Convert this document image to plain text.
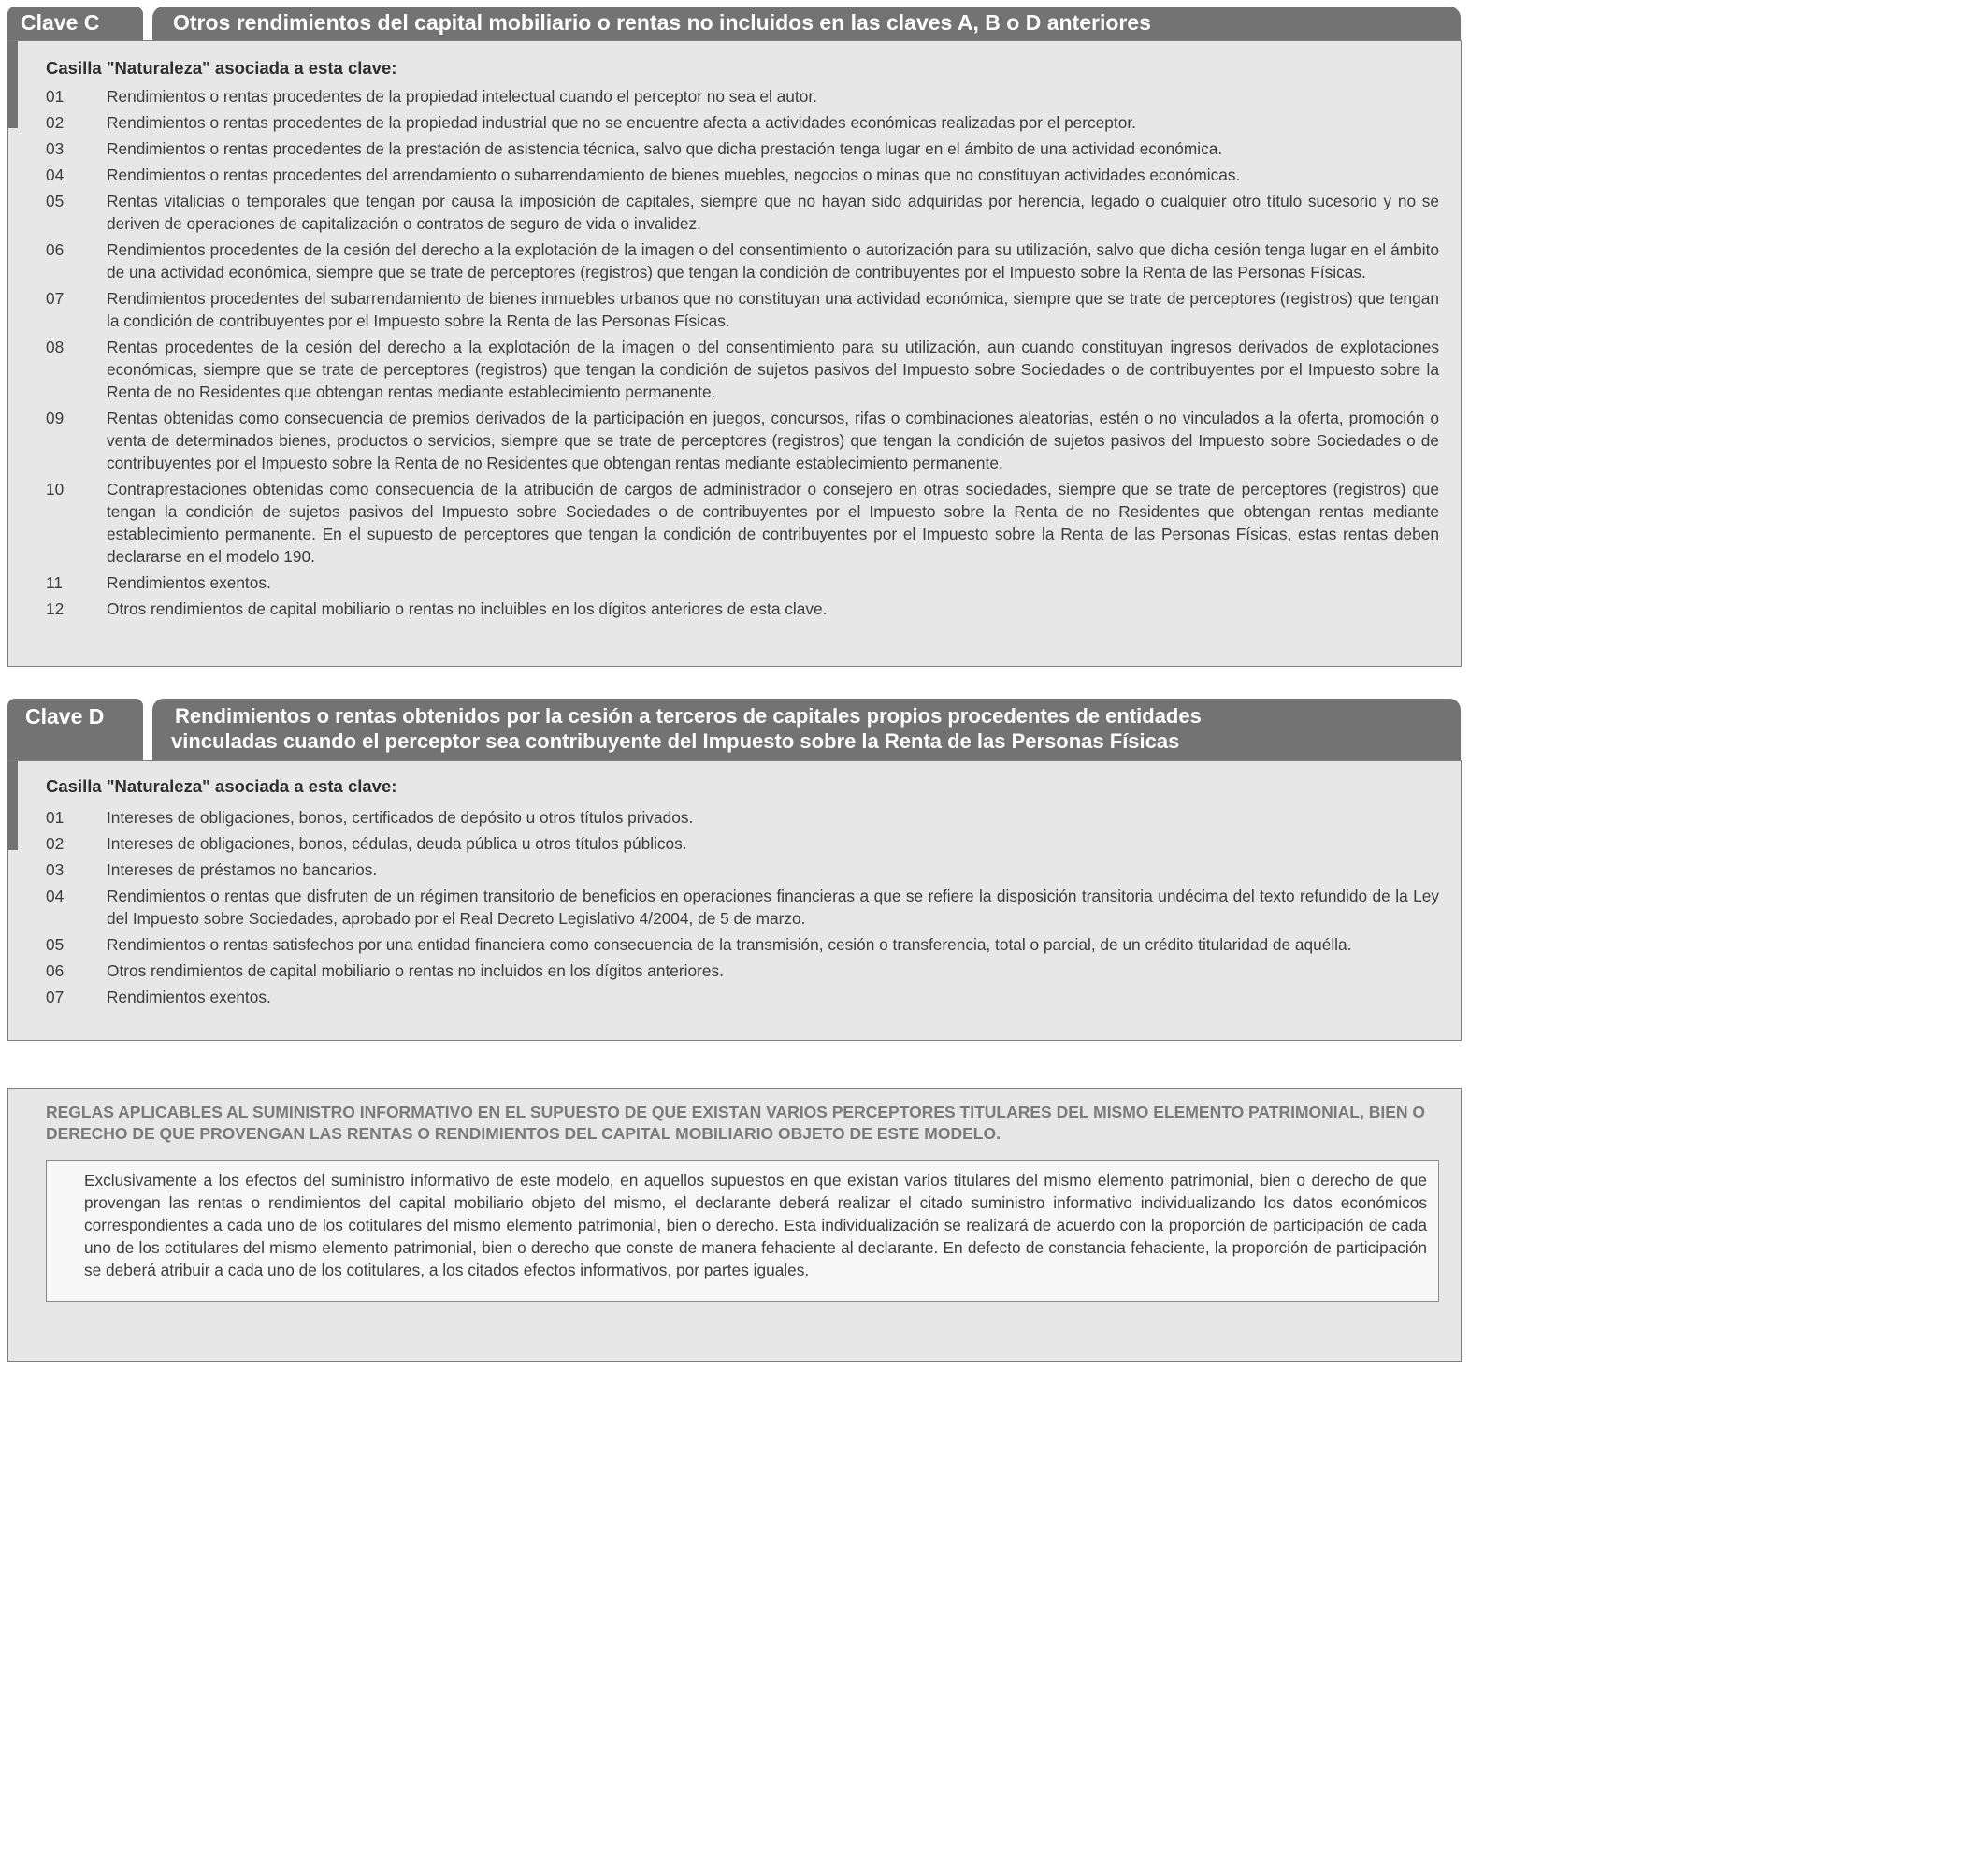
Clave C	Otros rendimientos del capital mobiliario o rentas no incluidos en las claves A, B o D anteriores
Casilla "Naturaleza" asociada a esta clave:
01	Rendimientos o rentas procedentes de la propiedad intelectual cuando el perceptor no sea el autor.
02	Rendimientos o rentas procedentes de la propiedad industrial que no se encuentre afecta a actividades económicas realizadas por el perceptor.
03	Rendimientos o rentas procedentes de la prestación de asistencia técnica, salvo que dicha prestación tenga lugar en el ámbito de una actividad económica.
04	Rendimientos o rentas procedentes del arrendamiento o subarrendamiento de bienes muebles, negocios o minas que no constituyan actividades económicas.
05	Rentas vitalicias o temporales que tengan por causa la imposición de capitales, siempre que no hayan sido adquiridas por herencia, legado o cualquier otro título sucesorio y no se deriven de operaciones de capitalización o contratos de seguro de vida o invalidez.
06	Rendimientos procedentes de la cesión del derecho a la explotación de la imagen o del consentimiento o autorización para su utilización, salvo que dicha cesión tenga lugar en el ámbito de una actividad económica, siempre que se trate de perceptores (registros) que tengan la condición de contribuyentes por el Impuesto sobre la Renta de las Personas Físicas.
07	Rendimientos procedentes del subarrendamiento de bienes inmuebles urbanos que no constituyan una actividad económica, siempre que se trate de perceptores (registros) que tengan la condición de contribuyentes por el Impuesto sobre la Renta de las Personas Físicas.
08	Rentas procedentes de la cesión del derecho a la explotación de la imagen o del consentimiento para su utilización, aun cuando constituyan ingresos derivados de explotaciones económicas, siempre que se trate de perceptores (registros) que tengan la condición de sujetos pasivos del Impuesto sobre Sociedades o de contribuyentes por el Impuesto sobre la Renta de no Residentes que obtengan rentas mediante establecimiento permanente.
09	Rentas obtenidas como consecuencia de premios derivados de la participación en juegos, concursos, rifas o combinaciones aleatorias, estén o no vinculados a la oferta, promoción o venta de determinados bienes, productos o servicios, siempre que se trate de perceptores (registros) que tengan la condición de sujetos pasivos del Impuesto sobre Sociedades o de contribuyentes por el Impuesto sobre la Renta de no Residentes que obtengan rentas mediante establecimiento permanente.
10	Contraprestaciones obtenidas como consecuencia de la atribución de cargos de administrador o consejero en otras sociedades, siempre que se trate de perceptores (registros) que tengan la condición de sujetos pasivos del Impuesto sobre Sociedades o de contribuyentes por el Impuesto sobre la Renta de no Residentes que obtengan rentas mediante establecimiento permanente. En el supuesto de perceptores que tengan la condición de contribuyentes por el Impuesto sobre la Renta de las Personas Físicas, estas rentas deben declararse en el modelo 190.
11	Rendimientos exentos.
12	Otros rendimientos de capital mobiliario o rentas no incluibles en los dígitos anteriores de esta clave.
Clave D	Rendimientos o rentas obtenidos por la cesión a terceros de capitales propios procedentes de entidades
vinculadas cuando el perceptor sea contribuyente del Impuesto sobre la Renta de las Personas Físicas
Casilla "Naturaleza" asociada a esta clave:
01	Intereses de obligaciones, bonos, certificados de depósito u otros títulos privados.
02	Intereses de obligaciones, bonos, cédulas, deuda pública u otros títulos públicos.
03	Intereses de préstamos no bancarios.
04	Rendimientos o rentas que disfruten de un régimen transitorio de beneficios en operaciones financieras a que se refiere la disposición transitoria undécima del texto refundido de la Ley del Impuesto sobre Sociedades, aprobado por el Real Decreto Legislativo 4/2004, de 5 de marzo.
05	Rendimientos o rentas satisfechos por una entidad financiera como consecuencia de la transmisión, cesión o transferencia, total o parcial, de un crédito titularidad de aquélla.
06	Otros rendimientos de capital mobiliario o rentas no incluidos en los dígitos anteriores.
07	Rendimientos exentos.
REGLAS APLICABLES AL SUMINISTRO INFORMATIVO EN EL SUPUESTO DE QUE EXISTAN VARIOS PERCEPTORES TITULARES DEL MISMO ELEMENTO PATRIMONIAL, BIEN O DERECHO DE QUE PROVENGAN LAS RENTAS O RENDIMIENTOS DEL CAPITAL MOBILIARIO OBJETO DE ESTE MODELO.
Exclusivamente a los efectos del suministro informativo de este modelo, en aquellos supuestos en que existan varios titulares del mismo elemento patrimonial, bien o derecho de que provengan las rentas o rendimientos del capital mobiliario objeto del mismo, el declarante deberá realizar el citado suministro informativo individualizando los datos económicos correspondientes a cada uno de los cotitulares del mismo elemento patrimonial, bien o derecho. Esta individualización se realizará de acuerdo con la proporción de participación de cada uno de los cotitulares del mismo elemento patrimonial, bien o derecho que conste de manera fehaciente al declarante. En defecto de constancia fehaciente, la proporción de participación se deberá atribuir a cada uno de los cotitulares, a los citados efectos informativos, por partes iguales.
